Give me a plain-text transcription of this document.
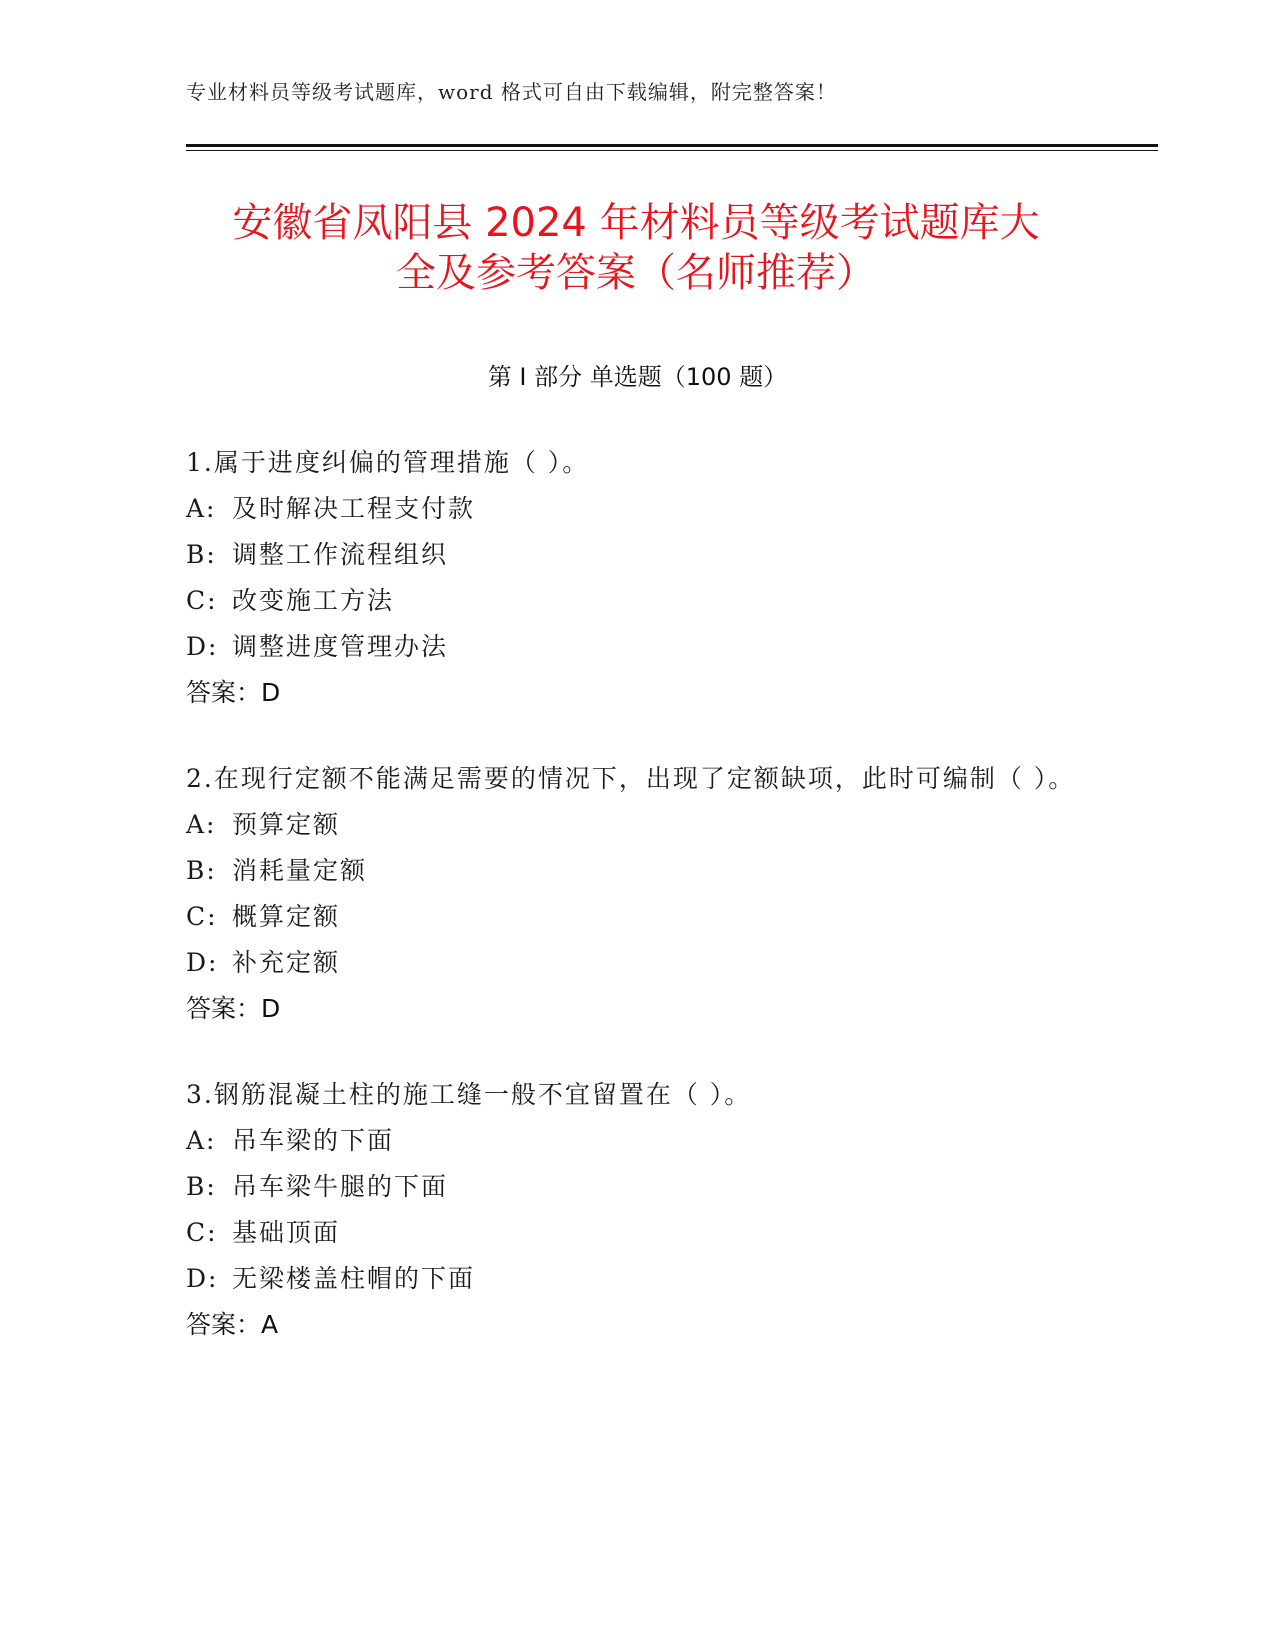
专业材料员等级考试题库，word 格式可自由下载编辑，附完整答案！
安徽省凤阳县 2024 年材料员等级考试题库大
全及参考答案（名师推荐）
第 I 部分 单选题（100 题）

1.属于进度纠偏的管理措施（ ）。

A: 及时解决工程支付款
B: 调整工作流程组织
C: 改变施工方法
D: 调整进度管理办法
答案：D

2.在现行定额不能满足需要的情况下，出现了定额缺项，此时可编制（ ）。

A: 预算定额
B: 消耗量定额
C: 概算定额
D: 补充定额
答案：D

3.钢筋混凝土柱的施工缝一般不宜留置在（ ）。

A: 吊车梁的下面
B: 吊车梁牛腿的下面
C: 基础顶面
D: 无梁楼盖柱帽的下面
答案：A
